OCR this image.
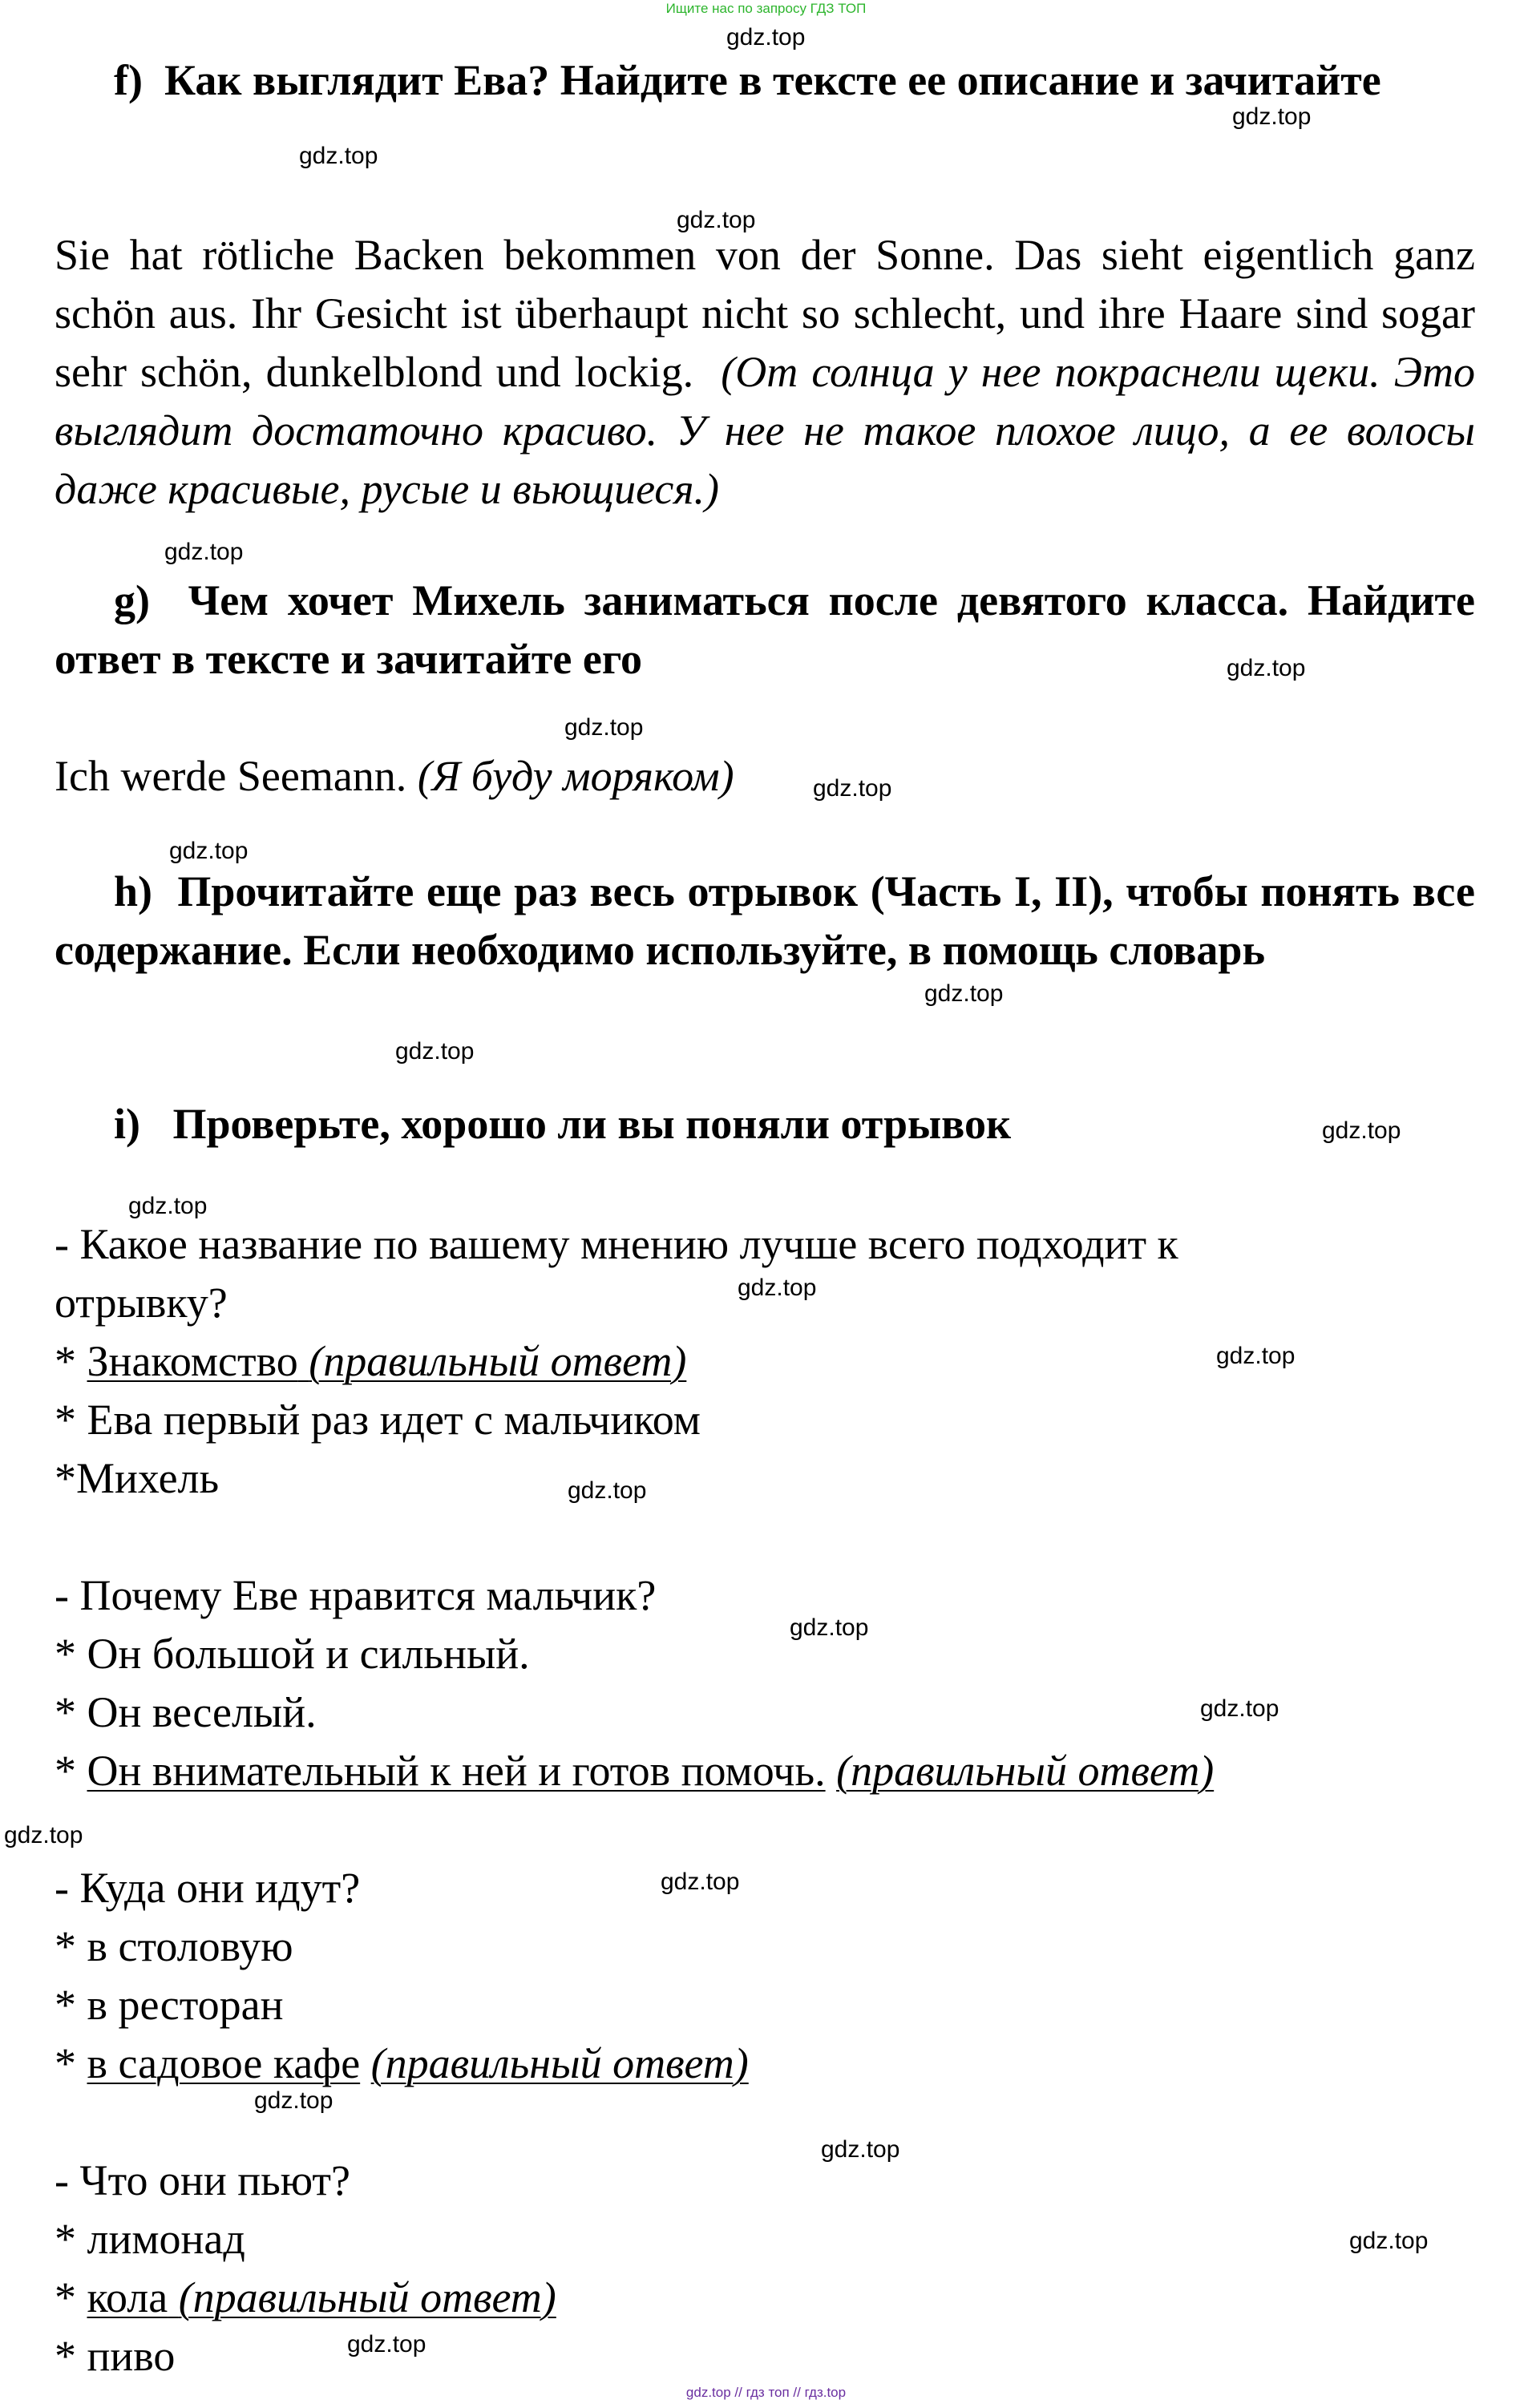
Ищите нас по запросу ГДЗ ТОП
gdz.top // гдз топ // гдз.top
gdz.top
gdz.top
gdz.top
gdz.top
gdz.top
gdz.top
gdz.top
gdz.top
gdz.top
gdz.top
gdz.top
gdz.top
gdz.top
gdz.top
gdz.top
gdz.top
gdz.top
gdz.top
gdz.top
gdz.top
gdz.top
gdz.top
gdz.top
gdz.top
f) Как выглядит Ева? Найдите в тексте ее описание и зачитайте
Sie hat rötliche Backen bekommen von der Sonne. Das sieht eigentlich ganz schön aus. Ihr Gesicht ist überhaupt nicht so schlecht, und ihre Haare sind sogar sehr schön, dunkelblond und lockig. (От солнца у нее покраснели щеки. Это выглядит достаточно красиво. У нее не такое плохое лицо, а ее волосы даже красивые, русые и вьющиеся.)
g) Чем хочет Михель заниматься после девятого класса. Найдите ответ в тексте и зачитайте его
Ich werde Seemann. (Я буду моряком)
h) Прочитайте еще раз весь отрывок (Часть I, II), чтобы понять все содержание. Если необходимо используйте, в помощь словарь
i) Проверьте, хорошо ли вы поняли отрывок
- Какое название по вашему мнению лучше всего подходит к
отрывку?
* Знакомство (правильный ответ)
* Ева первый раз идет с мальчиком
*Михель
- Почему Еве нравится мальчик?
* Он большой и сильный.
* Он веселый.
* Он внимательный к ней и готов помочь. (правильный ответ)
- Куда они идут?
* в столовую
* в ресторан
* в садовое кафе (правильный ответ)
- Что они пьют?
* лимонад
* кола (правильный ответ)
* пиво
